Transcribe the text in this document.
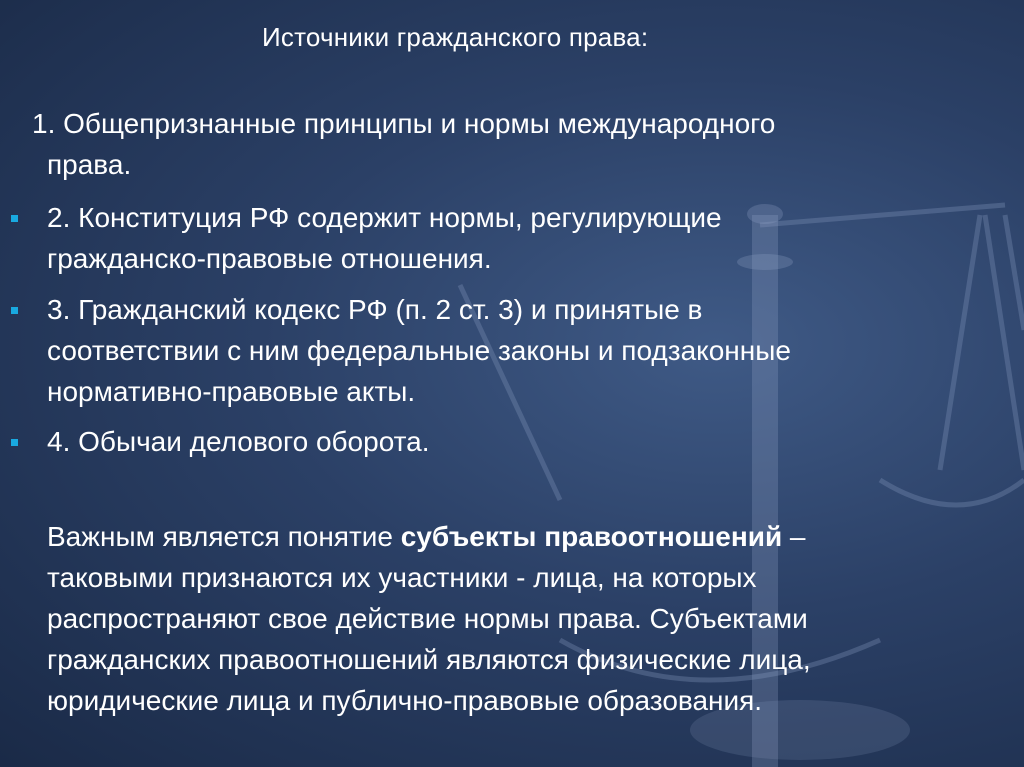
Источники гражданского права:
1. Общепризнанные принципы и нормы международного
права.
2. Конституция РФ содержит нормы, регулирующие
гражданско-правовые отношения.
3. Гражданский кодекс РФ (п. 2 ст. 3) и принятые в
соответствии с ним федеральные законы и подзаконные
нормативно-правовые акты.
4. Обычаи делового оборота.
Важным является понятие субъекты правоотношений –
таковыми признаются их участники - лица, на которых
распространяют свое действие нормы права. Субъектами
гражданских правоотношений являются физические лица,
юридические лица и публично-правовые образования.
